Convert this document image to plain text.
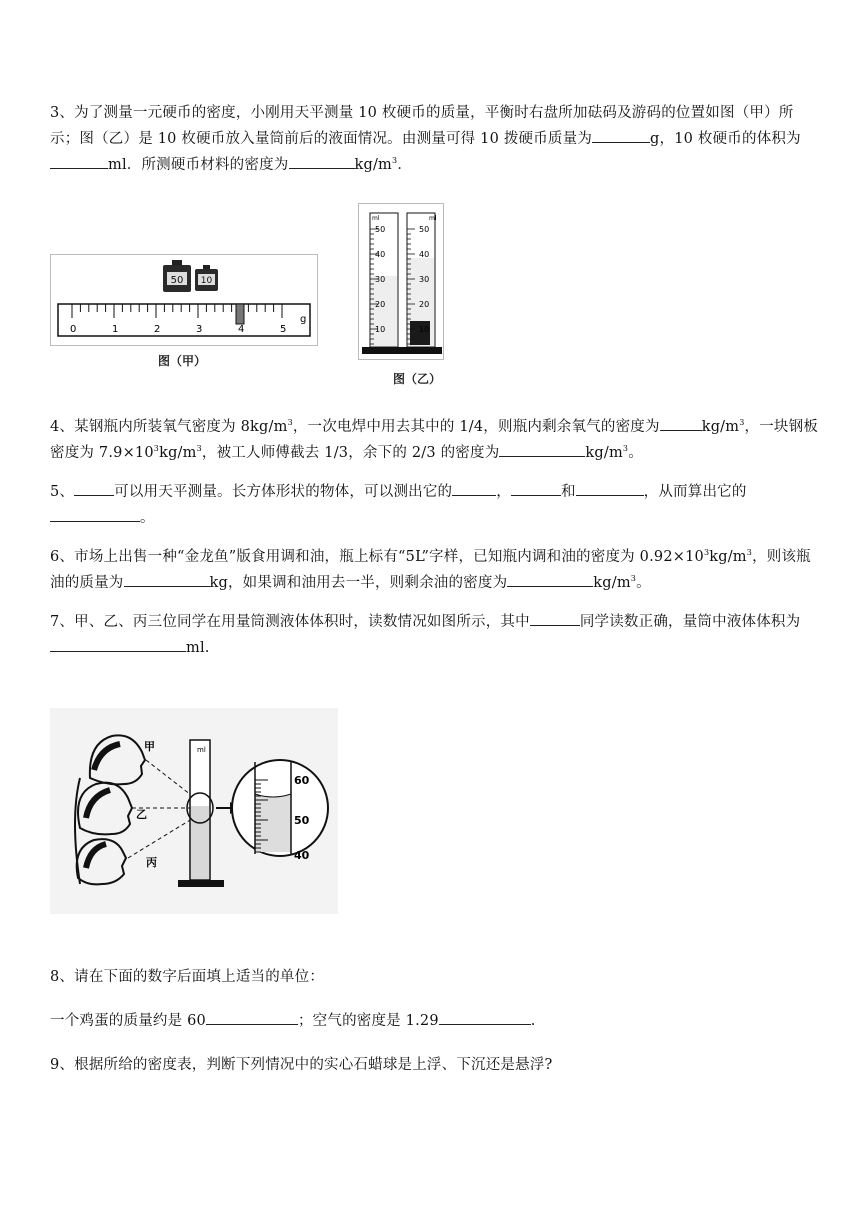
3、为了测量一元硬币的密度，小刚用天平测量 10 枚硬币的质量，平衡时右盘所加砝码及游码的位置如图（甲）所示；图（乙）是 10 枚硬币放入量筒前后的液面情况。由测量可得 10 拨硬币质量为	g，10 枚硬币的体积为ml．所测硬币材料的密度为	$kg/m^3$．
50 10
0	1	2	3	4	5
g
图（甲）
ml	ml
50
40
30
20
10
50
40
30
20
10
图（乙）
4、某钢瓶内所装氧气密度为 $8kg/m^3$，一次电焊中用去其中的 1/4，则瓶内剩余氧气的密度为	$kg/m^3$，一块钢板密度为 $7.9\times 10^3kg/m^3$，被工人师傅截去 1/3，余下的 2/3 的密度为	$kg/m^3$。
5、	可以用天平测量。长方体形状的物体，可以测出它的	，	和	，从而算出它的。
6、市场上出售一种“金龙鱼”版食用调和油，瓶上标有“5L”字样，已知瓶内调和油的密度为 $0.92\times 10^3kg/m^3$，则该瓶油的质量为	kg，如果调和油用去一半，则剩余油的密度为	$kg/m^3$。
7、甲、乙、丙三位同学在用量筒测液体体积时，读数情况如图所示，其中	同学读数正确，量筒中液体体积为ml.
甲
乙
丙
ml
60
50
40
8、请在下面的数字后面填上适当的单位：
一个鸡蛋的质量约是 60	；空气的密度是 1.29	.
9、根据所给的密度表，判断下列情况中的实心石蜡球是上浮、下沉还是悬浮?
